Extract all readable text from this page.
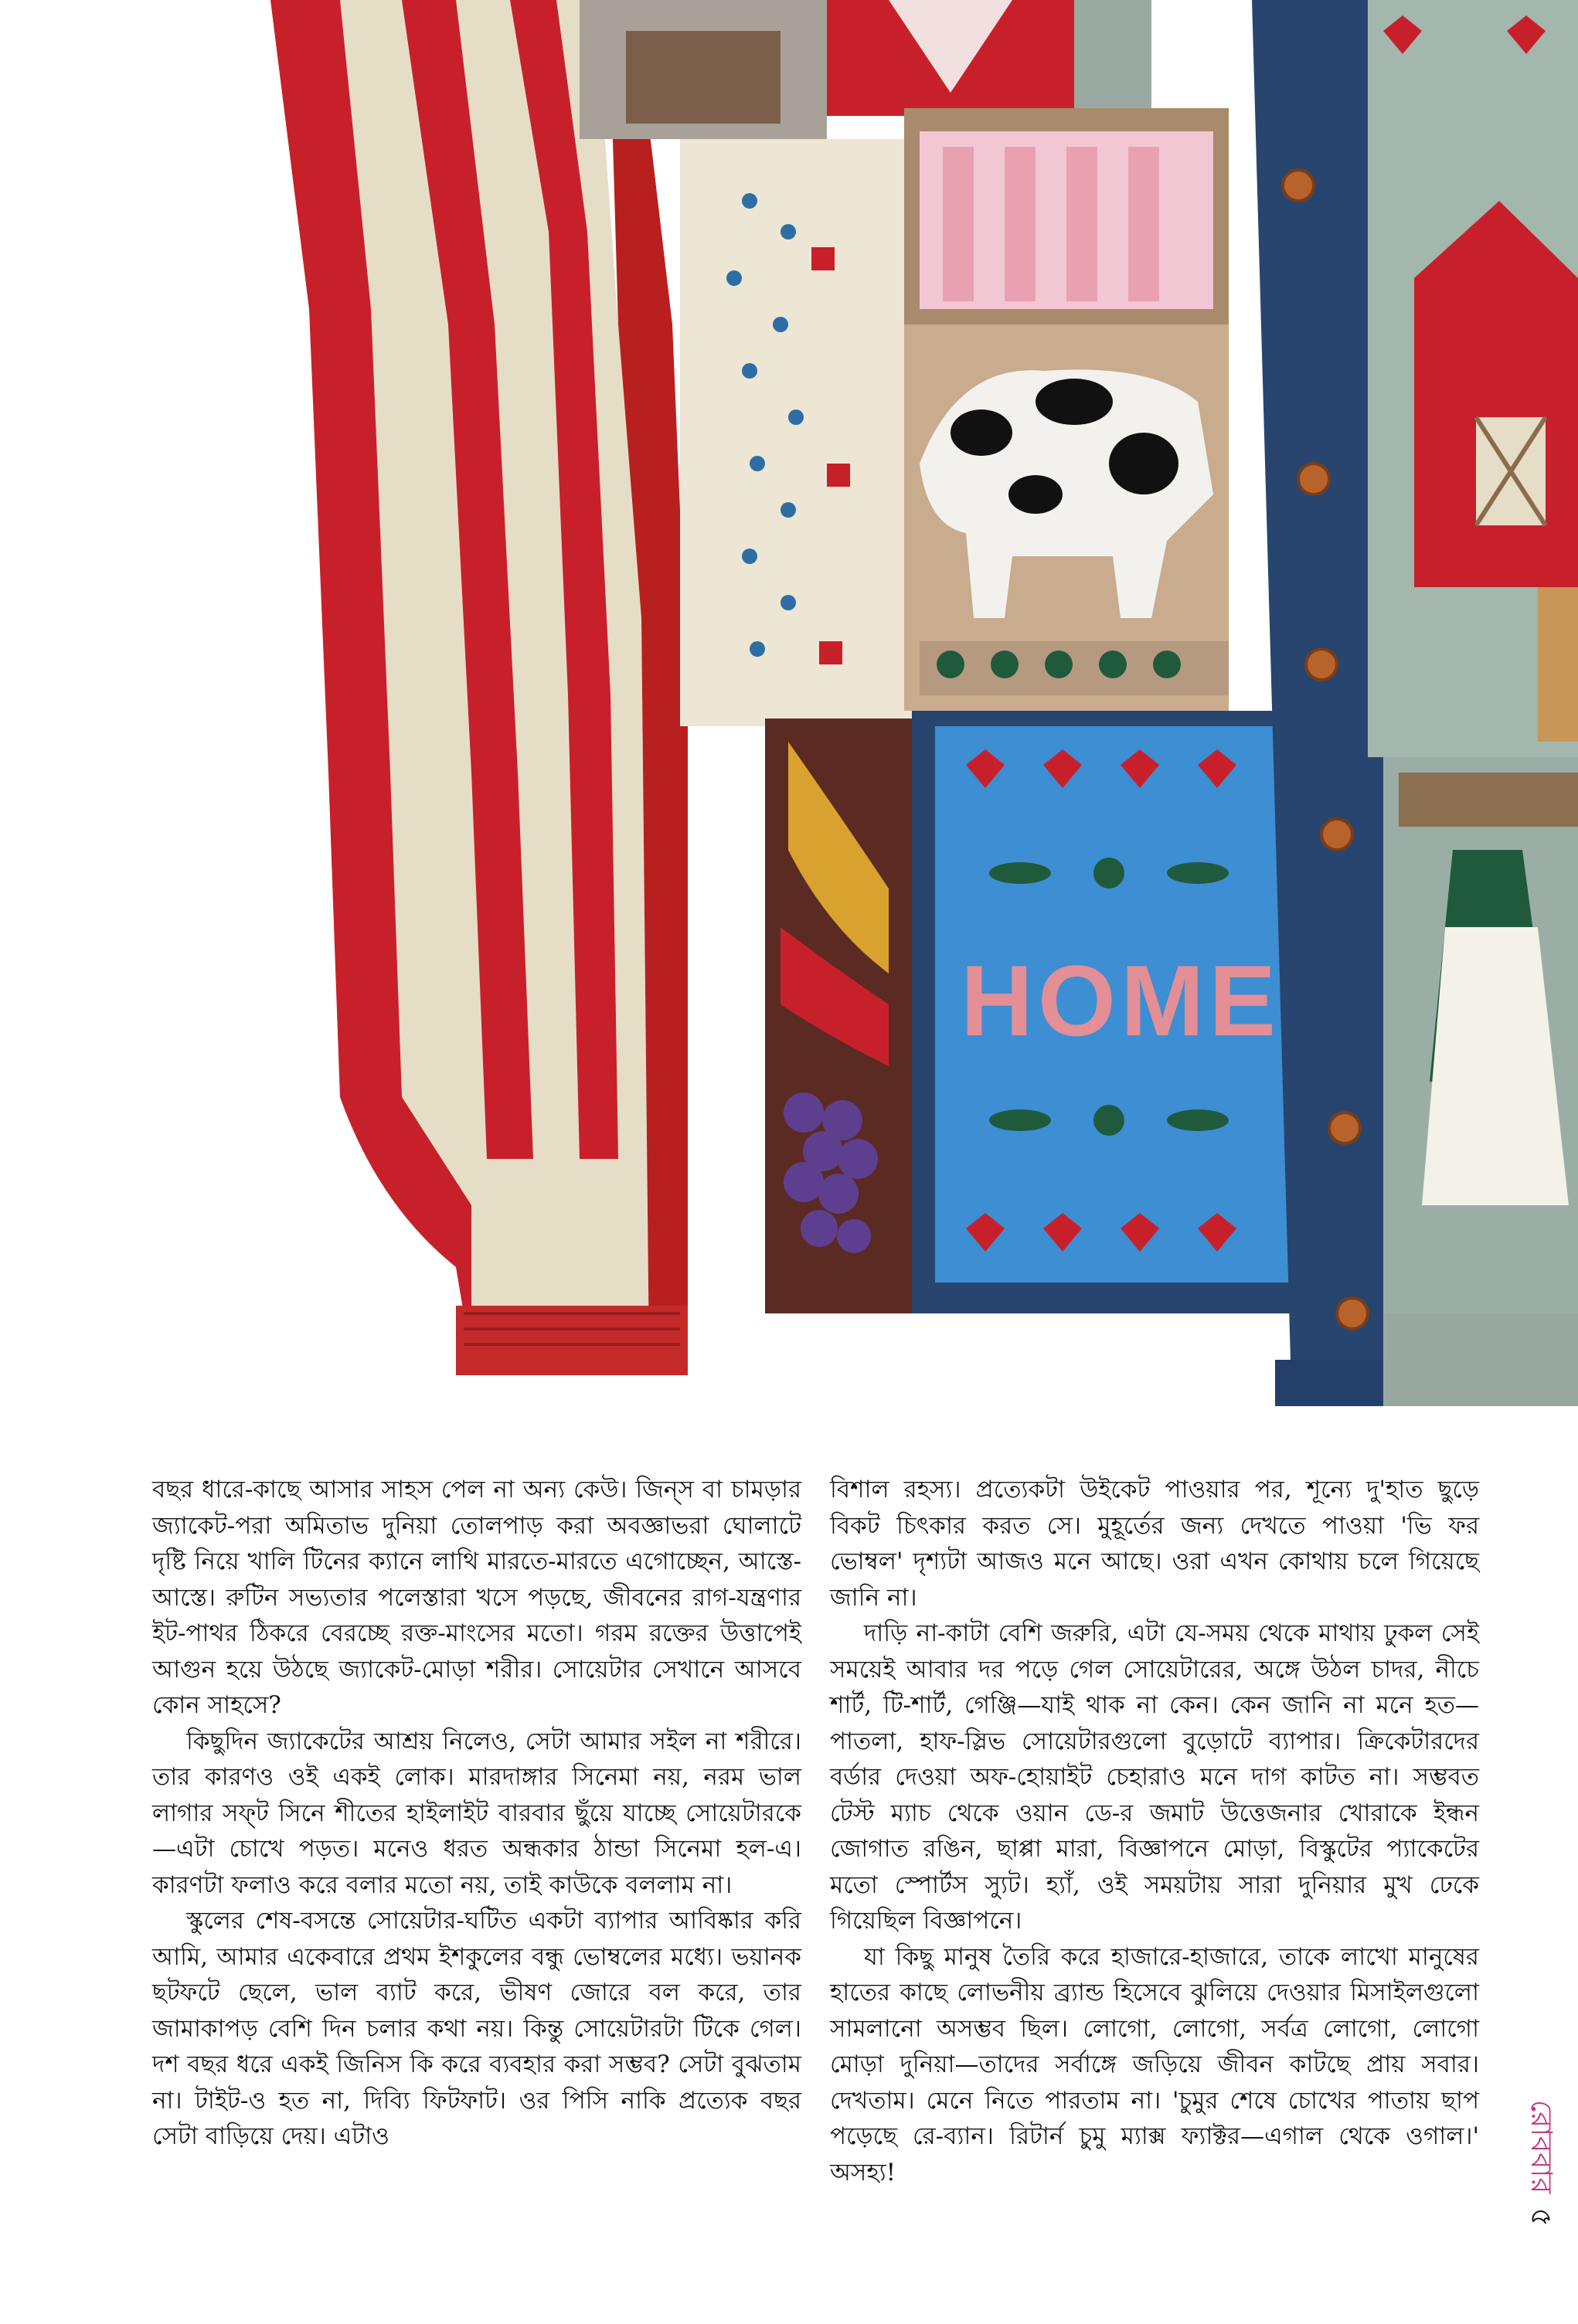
HOME

বছর ধারে-কাছে আসার সাহস পেল না অন্য কেউ। জিন্‌স বা চামড়ার জ্যাকেট-পরা অমিতাভ দুনিয়া তোলপাড় করা অবজ্ঞাভরা ঘোলাটে দৃষ্টি নিয়ে খালি টিনের ক্যানে লাথি মারতে-মারতে এগোচ্ছেন, আস্তে-আস্তে। রুটিন সভ্যতার পলেস্তারা খসে পড়ছে, জীবনের রাগ-যন্ত্রণার ইট-পাথর ঠিকরে বেরচ্ছে রক্ত-মাংসের মতো। গরম রক্তের উত্তাপেই আগুন হয়ে উঠছে জ্যাকেট-মোড়া শরীর। সোয়েটার সেখানে আসবে কোন সাহসে?

কিছুদিন জ্যাকেটের আশ্রয় নিলেও, সেটা আমার সইল না শরীরে। তার কারণও ওই একই লোক। মারদাঙ্গার সিনেমা নয়, নরম ভাল লাগার সফ্‌ট সিনে শীতের হাইলাইট বারবার ছুঁয়ে যাচ্ছে সোয়েটারকে—এটা চোখে পড়ত। মনেও ধরত অন্ধকার ঠান্ডা সিনেমা হল-এ। কারণটা ফলাও করে বলার মতো নয়, তাই কাউকে বললাম না।

স্কুলের শেষ-বসন্তে সোয়েটার-ঘটিত একটা ব্যাপার আবিষ্কার করি আমি, আমার একেবারে প্রথম ইশকুলের বন্ধু ভোম্বলের মধ্যে। ভয়ানক ছটফটে ছেলে, ভাল ব্যাট করে, ভীষণ জোরে বল করে, তার জামাকাপড় বেশি দিন চলার কথা নয়। কিন্তু সোয়েটারটা টিকে গেল। দশ বছর ধরে একই জিনিস কি করে ব্যবহার করা সম্ভব? সেটা বুঝতাম না। টাইট-ও হত না, দিব্যি ফিটফাট। ওর পিসি নাকি প্রত্যেক বছর সেটা বাড়িয়ে দেয়। এটাও

বিশাল রহস্য। প্রত্যেকটা উইকেট পাওয়ার পর, শূন্যে দু'হাত ছুড়ে বিকট চিৎকার করত সে। মুহূর্তের জন্য দেখতে পাওয়া 'ভি ফর ভোম্বল' দৃশ্যটা আজও মনে আছে। ওরা এখন কোথায় চলে গিয়েছে জানি না।

দাড়ি না-কাটা বেশি জরুরি, এটা যে-সময় থেকে মাথায় ঢুকল সেই সময়েই আবার দর পড়ে গেল সোয়েটারের, অঙ্গে উঠল চাদর, নীচে শার্ট, টি-শার্ট, গেঞ্জি—যাই থাক না কেন। কেন জানি না মনে হত—পাতলা, হাফ-স্লিভ সোয়েটারগুলো বুড়োটে ব্যাপার। ক্রিকেটারদের বর্ডার দেওয়া অফ-হোয়াইট চেহারাও মনে দাগ কাটত না। সম্ভবত টেস্ট ম্যাচ থেকে ওয়ান ডে-র জমাট উত্তেজনার খোরাকে ইন্ধন জোগাত রঙিন, ছাপ্পা মারা, বিজ্ঞাপনে মোড়া, বিস্কুটের প্যাকেটের মতো স্পোর্টস স্যুট। হ্যাঁ, ওই সময়টায় সারা দুনিয়ার মুখ ঢেকে গিয়েছিল বিজ্ঞাপনে।

যা কিছু মানুষ তৈরি করে হাজারে-হাজারে, তাকে লাখো মানুষের হাতের কাছে লোভনীয় ব্র্যান্ড হিসেবে ঝুলিয়ে দেওয়ার মিসাইলগুলো সামলানো অসম্ভব ছিল। লোগো, লোগো, সর্বত্র লোগো, লোগো মোড়া দুনিয়া—তাদের সর্বাঙ্গে জড়িয়ে জীবন কাটছে প্রায় সবার। দেখতাম। মেনে নিতে পারতাম না। 'চুমুর শেষে চোখের পাতায় ছাপ পড়েছে রে-ব্যান। রিটার্ন চুমু ম্যাক্স ফ্যাক্টর—এগাল থেকে ওগাল।' অসহ্য!	রোববার৫
